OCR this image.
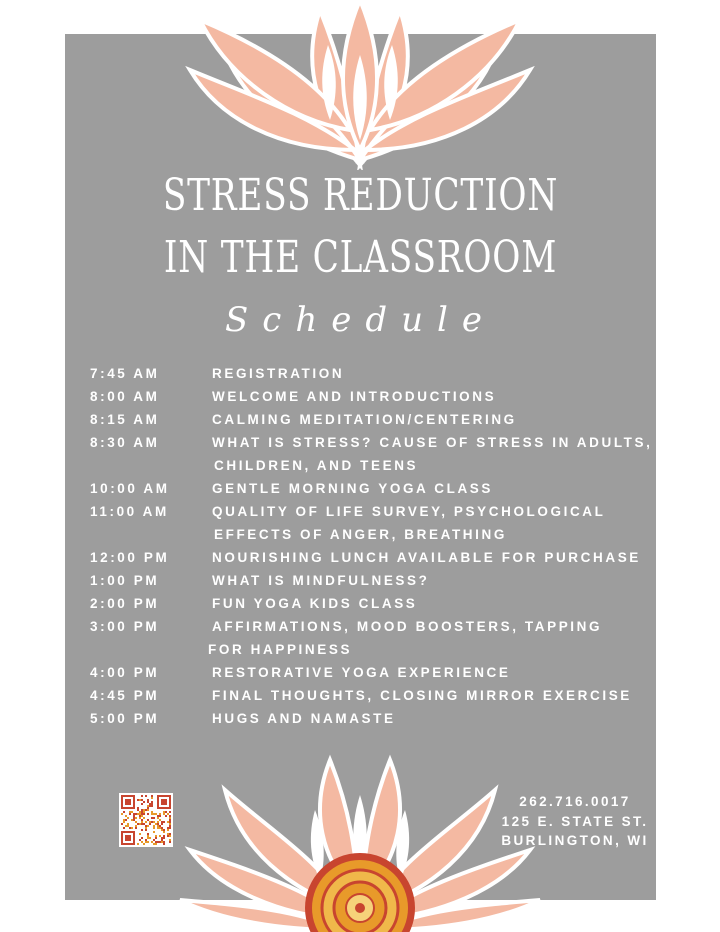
STRESS REDUCTION
IN THE CLASSROOM
Schedule
7:45 AM	REGISTRATION
8:00 AM	WELCOME AND INTRODUCTIONS
8:15 AM	CALMING MEDITATION/CENTERING
8:30 AM	WHAT IS STRESS? CAUSE OF STRESS IN ADULTS,
CHILDREN, AND TEENS
10:00 AM	GENTLE MORNING YOGA CLASS
11:00 AM	QUALITY OF LIFE SURVEY, PSYCHOLOGICAL
EFFECTS OF ANGER, BREATHING
12:00 PM	NOURISHING LUNCH AVAILABLE FOR PURCHASE
1:00 PM	WHAT IS MINDFULNESS?
2:00 PM	FUN YOGA KIDS CLASS
3:00 PM	AFFIRMATIONS, MOOD BOOSTERS, TAPPING
FOR HAPPINESS
4:00 PM	RESTORATIVE YOGA EXPERIENCE
4:45 PM	FINAL THOUGHTS, CLOSING MIRROR EXERCISE
5:00 PM	HUGS AND NAMASTE
262.716.0017
125 E. STATE ST.
BURLINGTON, WI
